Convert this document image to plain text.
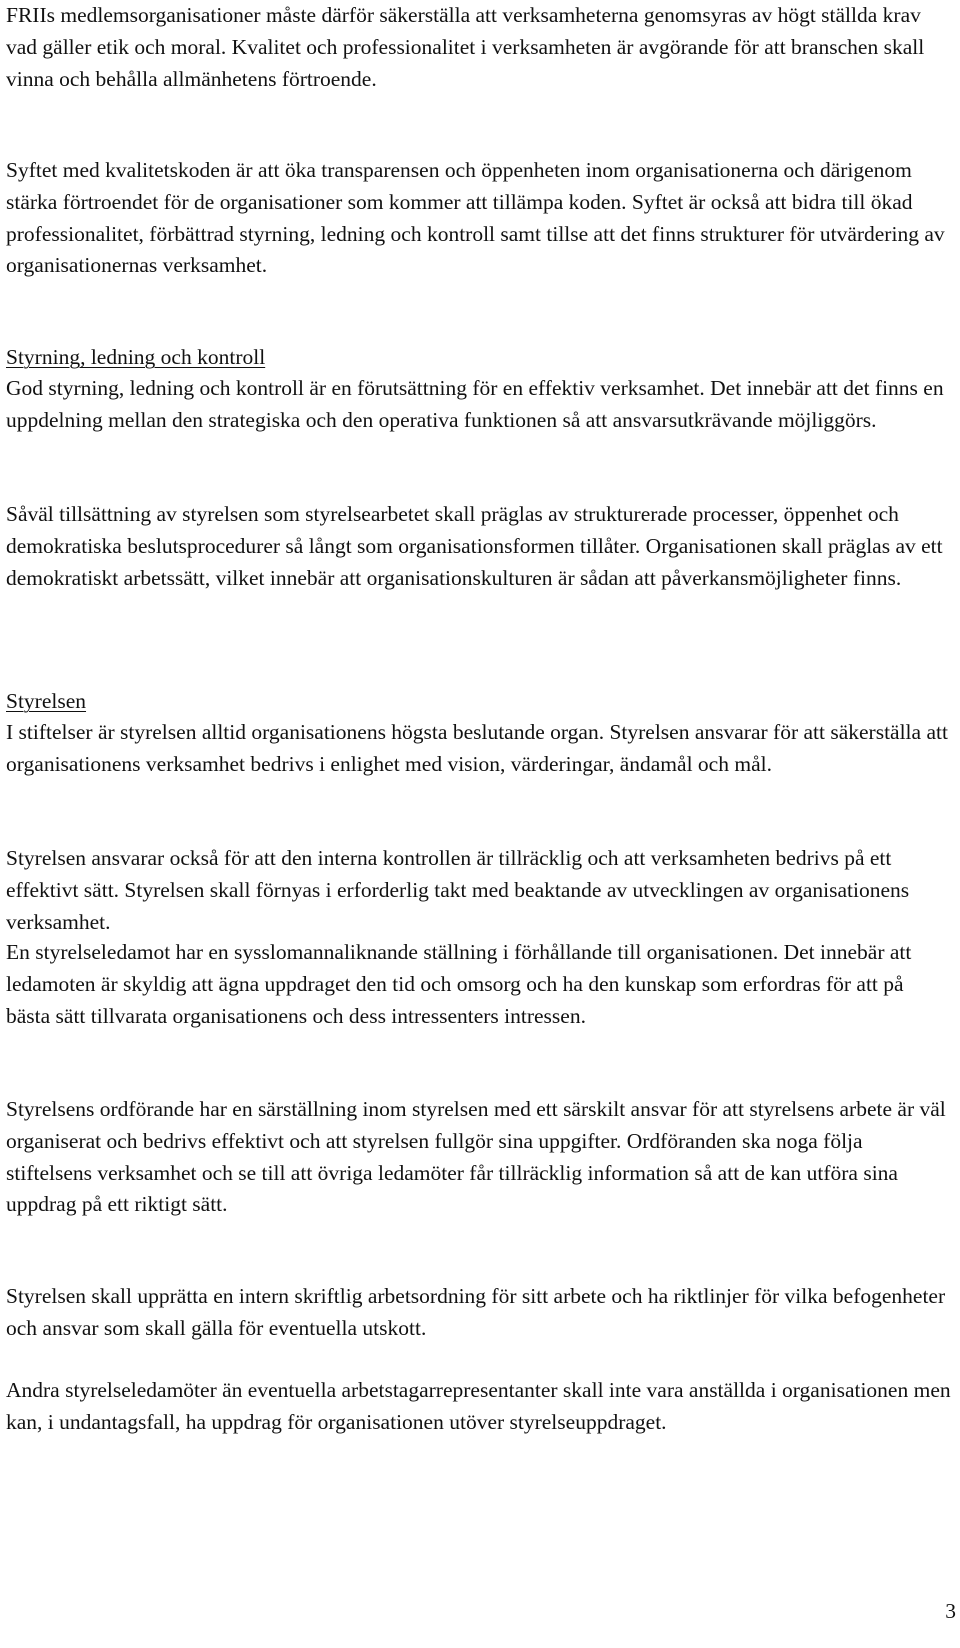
FRIIs medlemsorganisationer måste därför säkerställa att verksamheterna genomsyras av högt ställda krav vad gäller etik och moral. Kvalitet och professionalitet i verksamheten är avgörande för att branschen skall vinna och behålla allmänhetens förtroende.

Syftet med kvalitetskoden är att öka transparensen och öppenheten inom organisationerna och därigenom stärka förtroendet för de organisationer som kommer att tillämpa koden. Syftet är också att bidra till ökad professionalitet, förbättrad styrning, ledning och kontroll samt tillse att det finns strukturer för utvärdering av organisationernas verksamhet.

Styrning, ledning och kontroll

God styrning, ledning och kontroll är en förutsättning för en effektiv verksamhet. Det innebär att det finns en uppdelning mellan den strategiska och den operativa funktionen så att ansvarsutkrävande möjliggörs.

Såväl tillsättning av styrelsen som styrelsearbetet skall präglas av strukturerade processer, öppenhet och demokratiska beslutsprocedurer så långt som organisationsformen tillåter. Organisationen skall präglas av ett demokratiskt arbetssätt, vilket innebär att organisationskulturen är sådan att påverkansmöjligheter finns.

Styrelsen

I stiftelser är styrelsen alltid organisationens högsta beslutande organ. Styrelsen ansvarar för att säkerställa att organisationens verksamhet bedrivs i enlighet med vision, värderingar, ändamål och mål.

Styrelsen ansvarar också för att den interna kontrollen är tillräcklig och att verksamheten bedrivs på ett effektivt sätt. Styrelsen skall förnyas i erforderlig takt med beaktande av utvecklingen av organisationens verksamhet.

En styrelseledamot har en sysslomannaliknande ställning i förhållande till organisationen. Det innebär att ledamoten är skyldig att ägna uppdraget den tid och omsorg och ha den kunskap som erfordras för att på bästa sätt tillvarata organisationens och dess intressenters intressen.

Styrelsens ordförande har en särställning inom styrelsen med ett särskilt ansvar för att styrelsens arbete är väl organiserat och bedrivs effektivt och att styrelsen fullgör sina uppgifter. Ordföranden ska noga följa stiftelsens verksamhet och se till att övriga ledamöter får tillräcklig information så att de kan utföra sina uppdrag på ett riktigt sätt.

Styrelsen skall upprätta en intern skriftlig arbetsordning för sitt arbete och ha riktlinjer för vilka befogenheter och ansvar som skall gälla för eventuella utskott.

Andra styrelseledamöter än eventuella arbetstagarrepresentanter skall inte vara anställda i organisationen men kan, i undantagsfall, ha uppdrag för organisationen utöver styrelseuppdraget.

3
